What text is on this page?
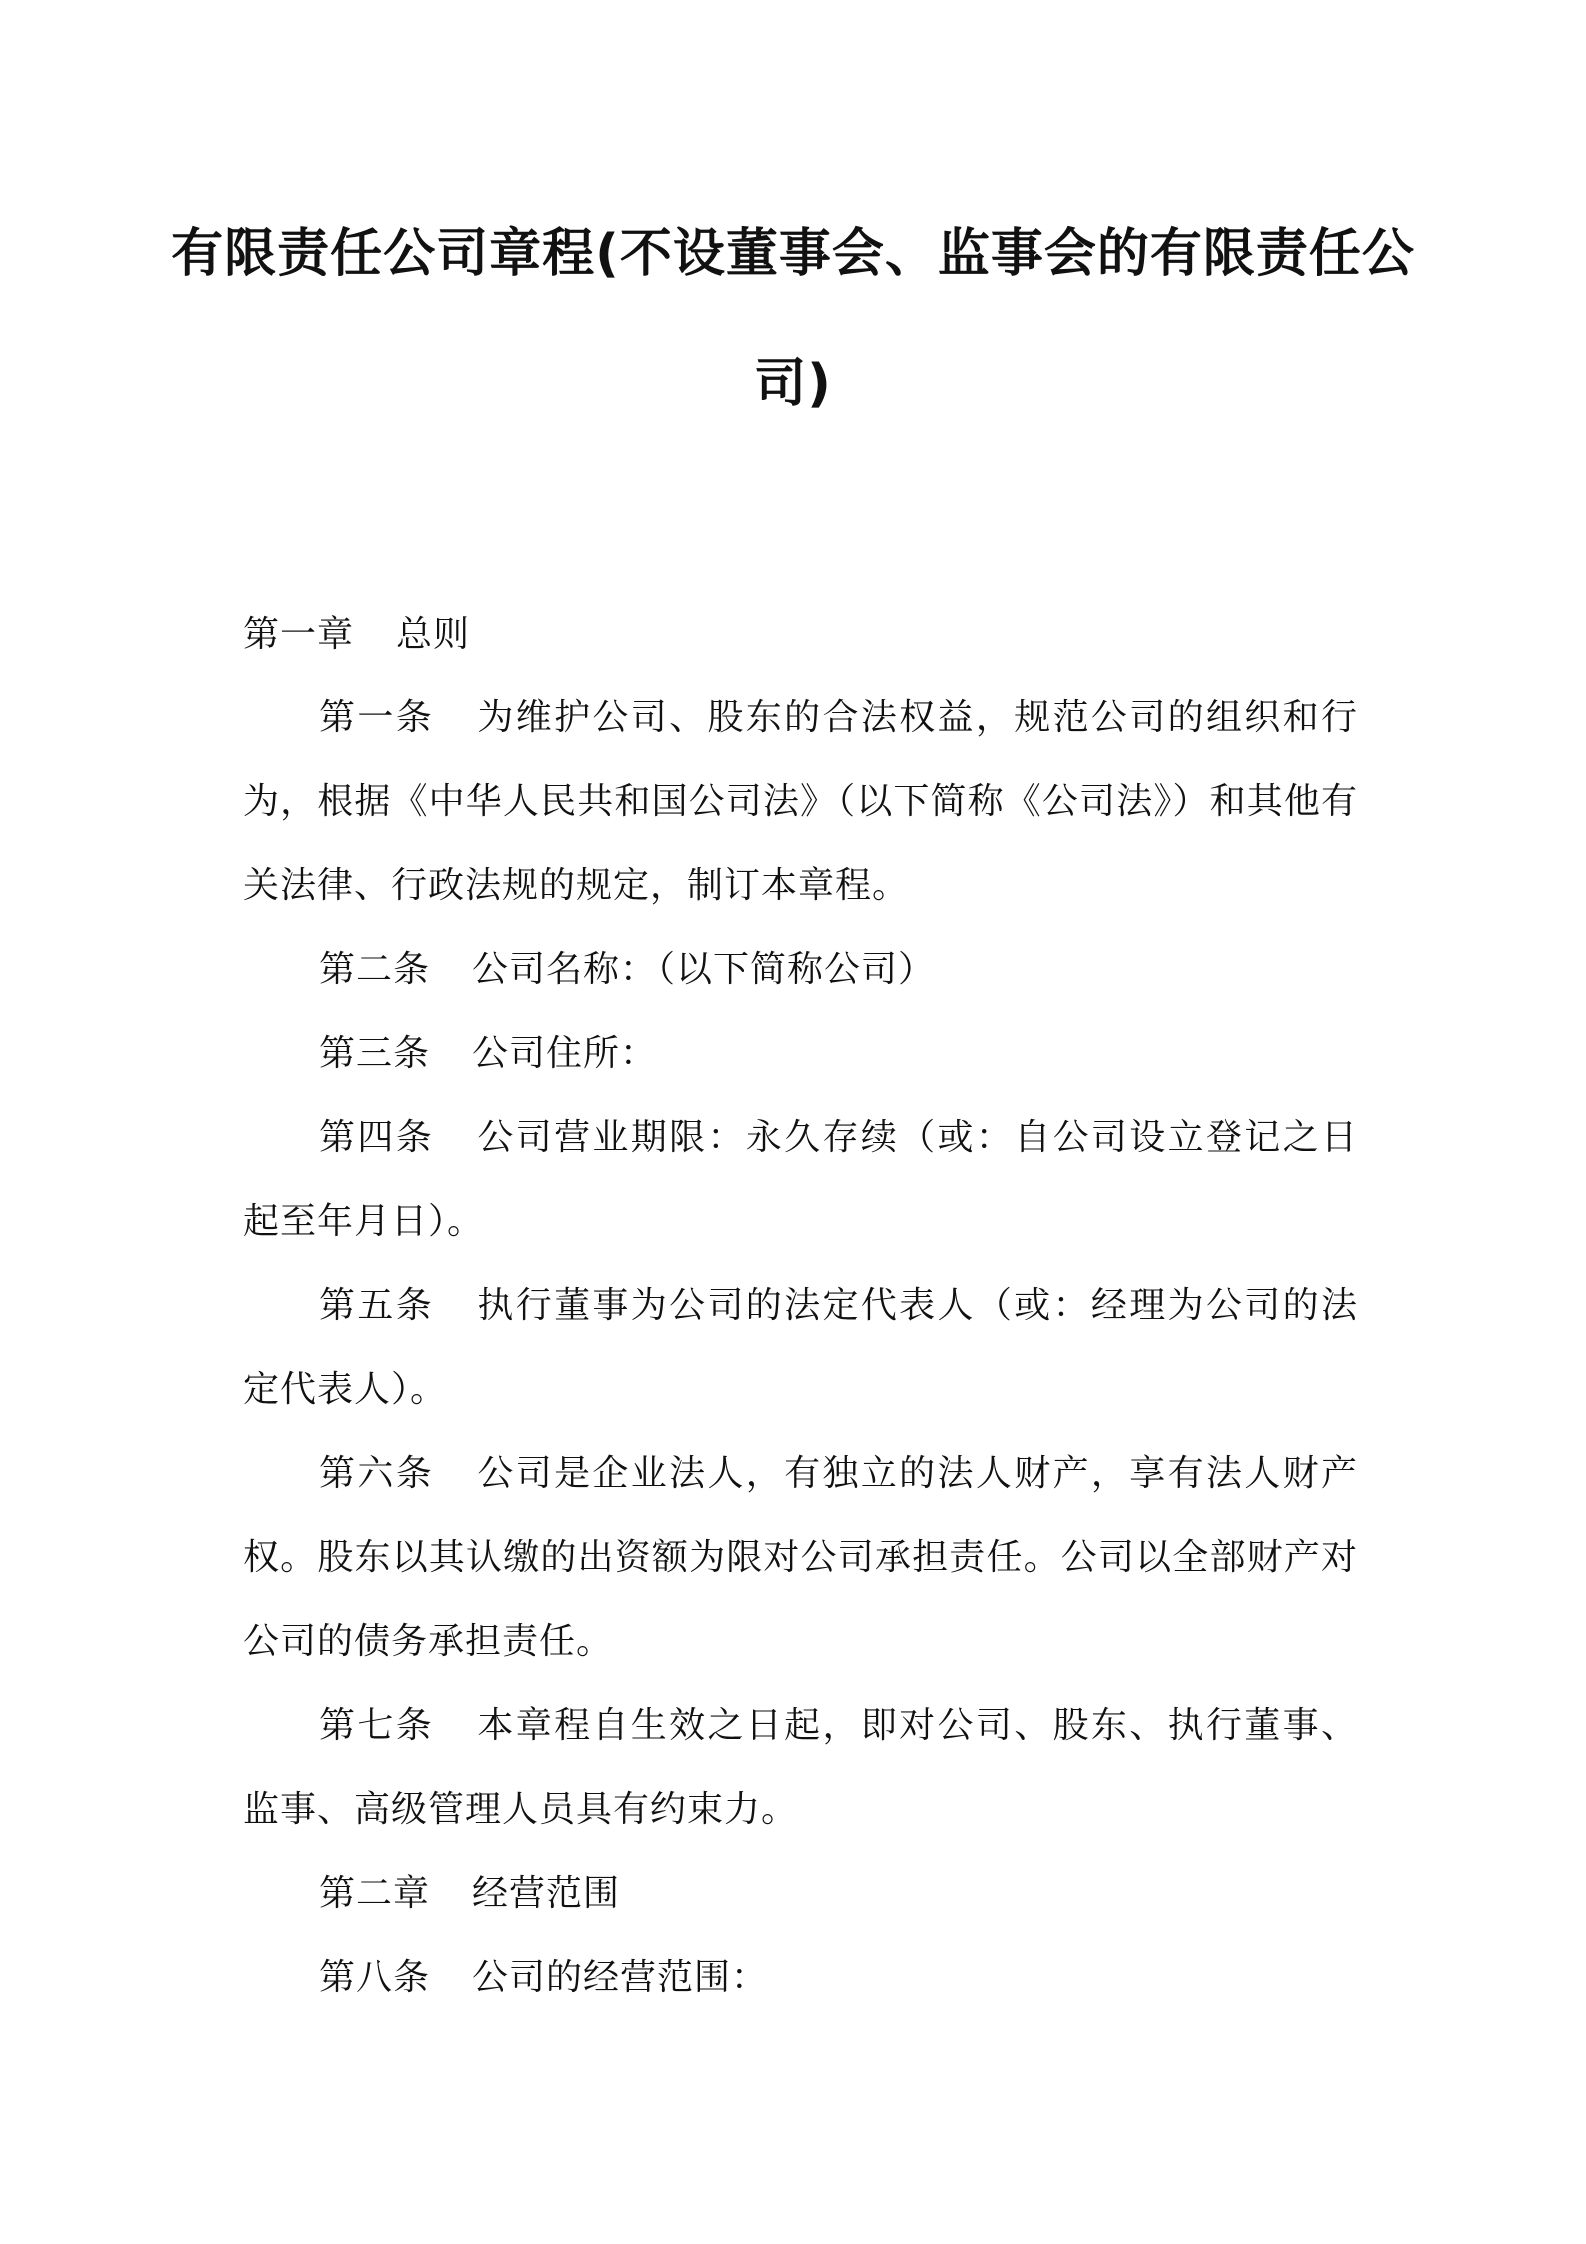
有限责任公司章程(不设董事会、监事会的有限责任公
司)
第一章 总则
第一条 为维护公司、股东的合法权益，规范公司的组织和行为，根据《中华人民共和国公司法》（以下简称《公司法》）和其他有关法律、行政法规的规定，制订本章程。
第二条 公司名称：（以下简称公司）
第三条 公司住所：
第四条 公司营业期限：永久存续（或：自公司设立登记之日起至年月日）。
第五条 执行董事为公司的法定代表人（或：经理为公司的法定代表人）。
第六条 公司是企业法人，有独立的法人财产，享有法人财产权。股东以其认缴的出资额为限对公司承担责任。公司以全部财产对公司的债务承担责任。
第七条 本章程自生效之日起，即对公司、股东、执行董事、监事、高级管理人员具有约束力。
第二章 经营范围
第八条 公司的经营范围：
